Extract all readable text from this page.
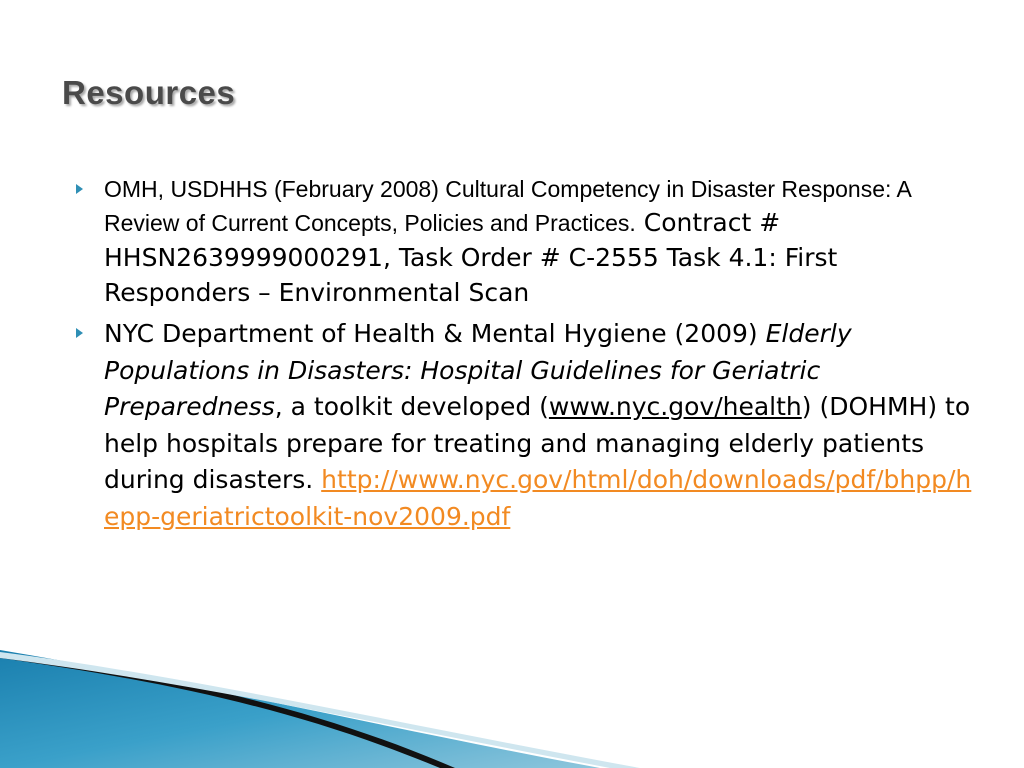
Resources
OMH, USDHHS (February 2008) Cultural Competency in Disaster Response: A Review of Current Concepts, Policies and Practices. Contract # HHSN2639999000291, Task Order # C-2555 Task 4.1: First Responders – Environmental Scan
NYC Department of Health & Mental Hygiene (2009) Elderly Populations in Disasters: Hospital Guidelines for Geriatric Preparedness, a toolkit developed (www.nyc.gov/health) (DOHMH) to help hospitals prepare for treating and managing elderly patients during disasters. http://www.nyc.gov/html/doh/downloads/pdf/bhpp/hepp-geriatrictoolkit-nov2009.pdf
